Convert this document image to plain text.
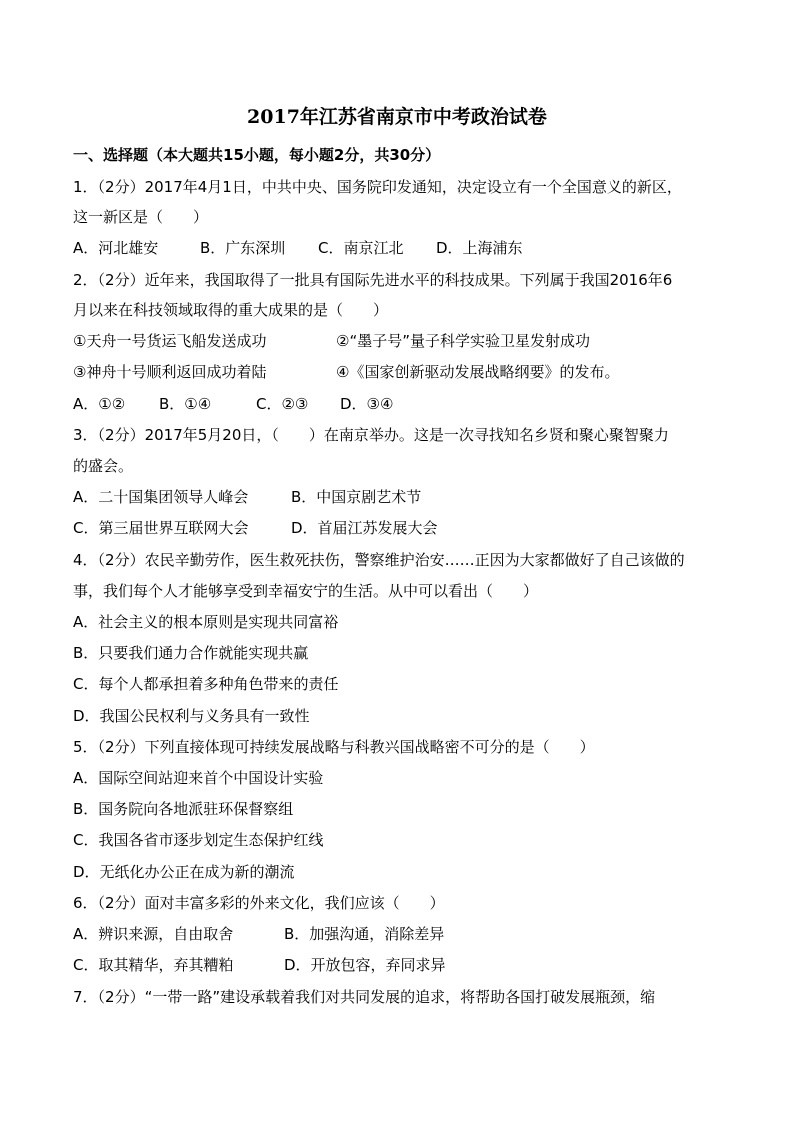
2017年江苏省南京市中考政治试卷
一、选择题（本大题共15小题，每小题2分，共30分）
1．（2分）2017年4月1日，中共中央、国务院印发通知，决定设立有一个全国意义的新区，
这一新区是（　　）
A．河北雄安	B．广东深圳	C．南京江北	D．上海浦东
2．（2分）近年来，我国取得了一批具有国际先进水平的科技成果。下列属于我国2016年6
月以来在科技领域取得的重大成果的是（　　）
①天舟一号货运飞船发送成功	②“墨子号”量子科学实验卫星发射成功
③神舟十号顺利返回成功着陆	④《国家创新驱动发展战略纲要》的发布。
A．①②	B．①④	C．②③	D．③④
3．（2分）2017年5月20日，（　　）在南京举办。这是一次寻找知名乡贤和聚心聚智聚力
的盛会。
A．二十国集团领导人峰会	B．中国京剧艺术节
C．第三届世界互联网大会	D．首届江苏发展大会
4．（2分）农民辛勤劳作，医生救死扶伤，警察维护治安……正因为大家都做好了自己该做的
事，我们每个人才能够享受到幸福安宁的生活。从中可以看出（　　）
A．社会主义的根本原则是实现共同富裕
B．只要我们通力合作就能实现共赢
C．每个人都承担着多种角色带来的责任
D．我国公民权利与义务具有一致性
5．（2分）下列直接体现可持续发展战略与科教兴国战略密不可分的是（　　）
A．国际空间站迎来首个中国设计实验
B．国务院向各地派驻环保督察组
C．我国各省市逐步划定生态保护红线
D．无纸化办公正在成为新的潮流
6．（2分）面对丰富多彩的外来文化，我们应该（　　）
A．辨识来源，自由取舍	B．加强沟通，消除差异
C．取其精华，弃其糟粕	D．开放包容，弃同求异
7．（2分）“一带一路”建设承载着我们对共同发展的追求，将帮助各国打破发展瓶颈，缩
